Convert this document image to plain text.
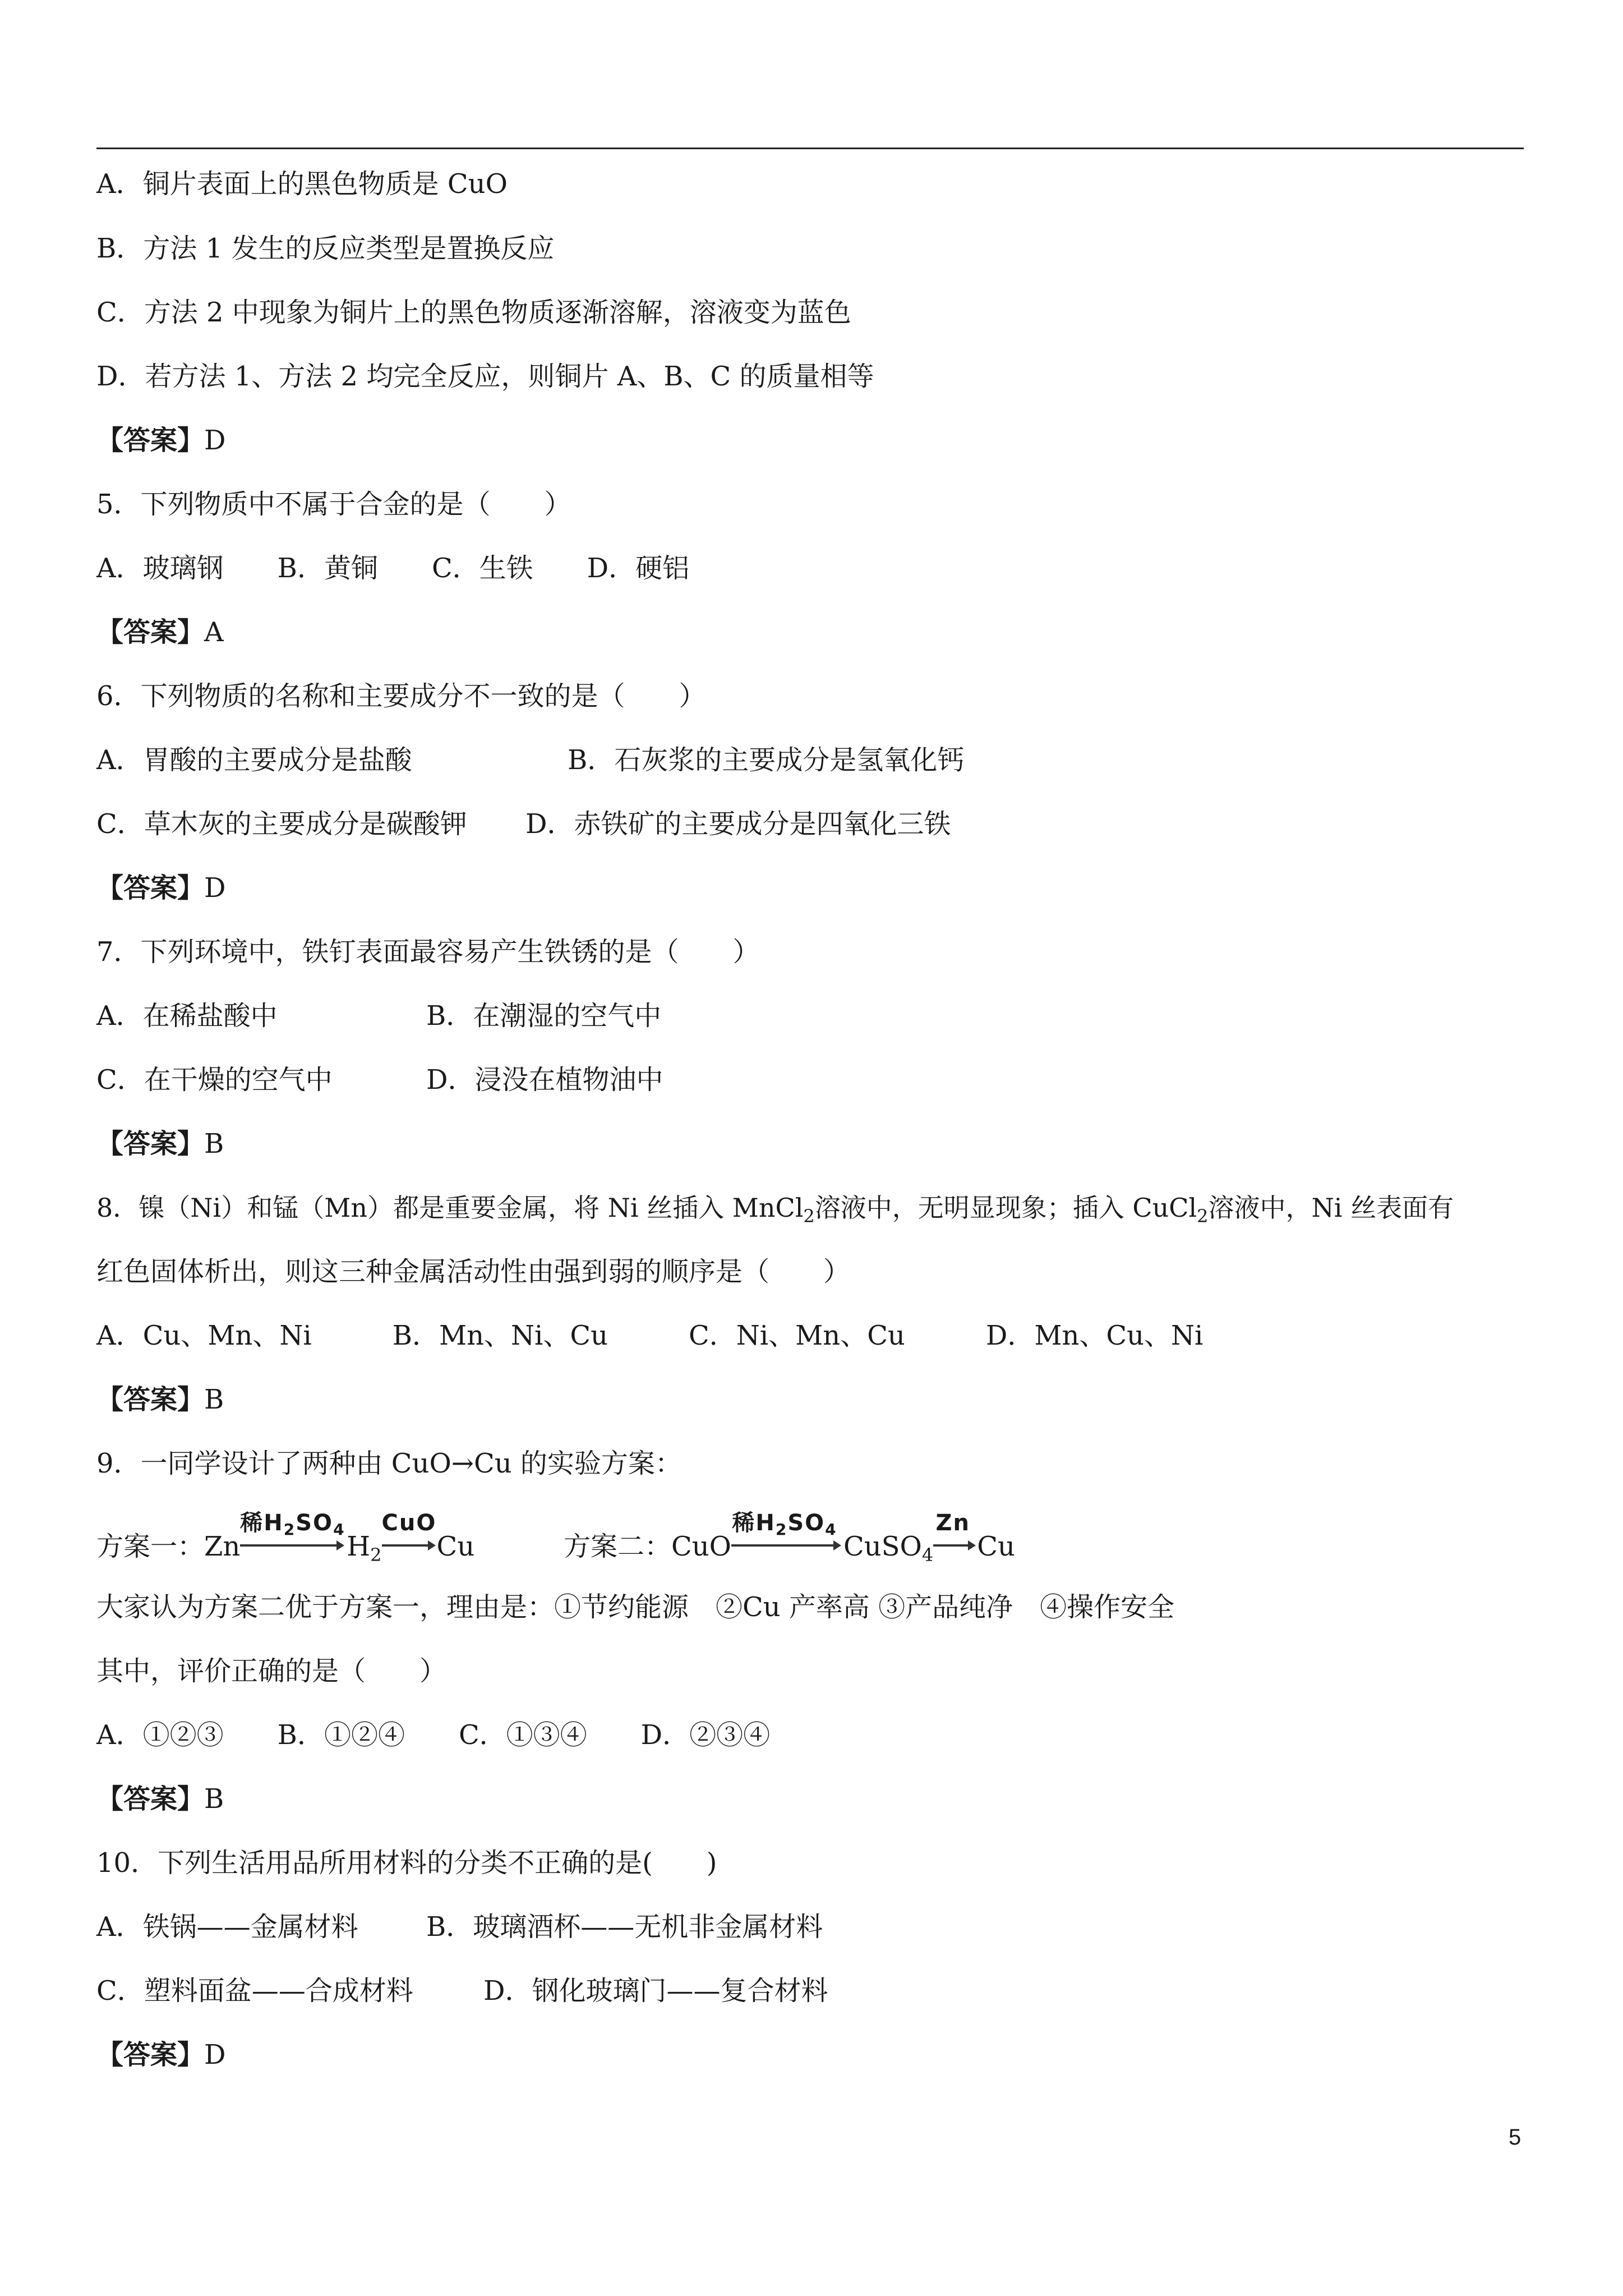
A．铜片表面上的黑色物质是 CuO
B．方法 1 发生的反应类型是置换反应
C．方法 2 中现象为铜片上的黑色物质逐渐溶解，溶液变为蓝色
D．若方法 1、方法 2 均完全反应，则铜片 A、B、C 的质量相等
【答案】D
5．下列物质中不属于合金的是（　　）
A．玻璃钢　　B．黄铜　　C．生铁　　D．硬铝
【答案】A
6．下列物质的名称和主要成分不一致的是（　　）
A．胃酸的主要成分是盐酸	B．石灰浆的主要成分是氢氧化钙
C．草木灰的主要成分是碳酸钾 D．赤铁矿的主要成分是四氧化三铁
【答案】D
7．下列环境中，铁钉表面最容易产生铁锈的是（　　）
A．在稀盐酸中	B．在潮湿的空气中
C．在干燥的空气中	D．浸没在植物油中
【答案】B
8．镍（Ni）和锰（Mn）都是重要金属，将 Ni 丝插入 MnCl$_2$溶液中，无明显现象；插入 CuCl$_2$溶液中，Ni 丝表面有
红色固体析出，则这三种金属活动性由强到弱的顺序是（　　）
A．Cu、Mn、Ni　　　B．Mn、Ni、Cu　　　C．Ni、Mn、Cu　　　D．Mn、Cu、Ni
【答案】B
9．一同学设计了两种由 CuO→Cu 的实验方案：
方案一：Zn
稀$H_2SO_4$
$H_2$
CuO
Cu	方案二：CuO
稀$H_2SO_4$
CuSO$_4$
Zn
Cu
大家认为方案二优于方案一，理由是：①节约能源　②Cu 产率高 ③产品纯净　④操作安全
其中，评价正确的是（　　）
A．①②③　　B．①②④　　C．①③④　　D．②③④
【答案】B
10．下列生活用品所用材料的分类不正确的是(　　)
A．铁锅——金属材料	B．玻璃酒杯——无机非金属材料
C．塑料面盆——合成材料	D．钢化玻璃门——复合材料
【答案】D
5
